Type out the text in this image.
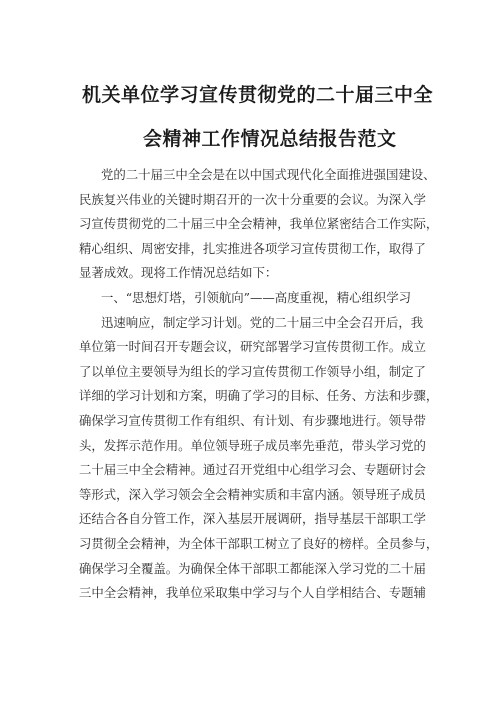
机关单位学习宣传贯彻党的二十届三中全
会精神工作情况总结报告范文
党的二十届三中全会是在以中国式现代化全面推进强国建设、
民族复兴伟业的关键时期召开的一次十分重要的会议。为深入学
习宣传贯彻党的二十届三中全会精神，我单位紧密结合工作实际，
精心组织、周密安排，扎实推进各项学习宣传贯彻工作，取得了
显著成效。现将工作情况总结如下：
一、“思想灯塔，引领航向”——高度重视，精心组织学习
迅速响应，制定学习计划。党的二十届三中全会召开后，我
单位第一时间召开专题会议，研究部署学习宣传贯彻工作。成立
了以单位主要领导为组长的学习宣传贯彻工作领导小组，制定了
详细的学习计划和方案，明确了学习的目标、任务、方法和步骤，
确保学习宣传贯彻工作有组织、有计划、有步骤地进行。领导带
头，发挥示范作用。单位领导班子成员率先垂范，带头学习党的
二十届三中全会精神。通过召开党组中心组学习会、专题研讨会
等形式，深入学习领会全会精神实质和丰富内涵。领导班子成员
还结合各自分管工作，深入基层开展调研，指导基层干部职工学
习贯彻全会精神，为全体干部职工树立了良好的榜样。全员参与，
确保学习全覆盖。为确保全体干部职工都能深入学习党的二十届
三中全会精神，我单位采取集中学习与个人自学相结合、专题辅
